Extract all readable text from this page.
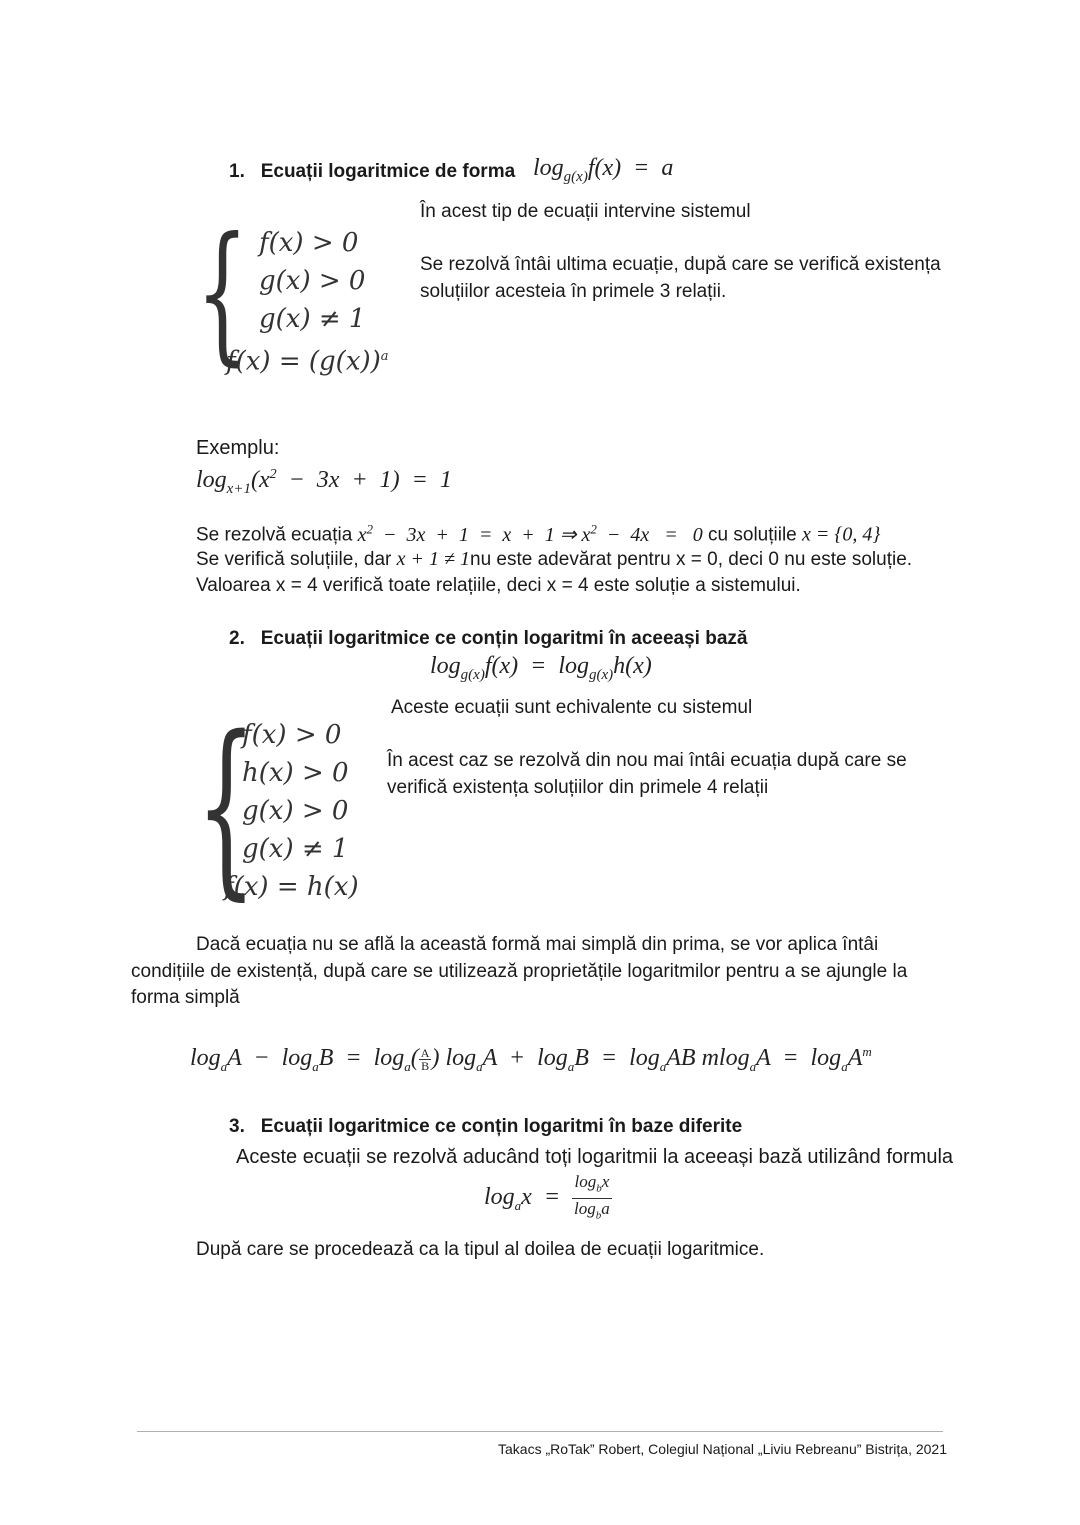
1. Ecuații logaritmice de forma $\log_{g(x)}f(x) = a$
În acest tip de ecuații intervine sistemul
{ f(x) > 0
g(x) > 0
g(x) ≠ 1
$f(x) = (g(x))^a$
Se rezolvă întâi ultima ecuație, după care se verifică existența
soluțiilor acesteia în primele 3 relații.
Exemplu:
$\log_{x+1}(x^2 - 3x + 1) = 1$
Se rezolvă ecuația $x^2 - 3x + 1 = x + 1$ ⇒ $x^2 - 4x = 0$ cu soluțiile x = {0, 4}
Se verifică soluțiile, dar x + 1 ≠ 1nu este adevărat pentru x = 0, deci 0 nu este soluție.
Valoarea x = 4 verifică toate relațiile, deci x = 4 este soluție a sistemului.
2. Ecuații logaritmice ce conțin logaritmi în aceeași bază
$\log_{g(x)}f(x) = \log_{g(x)}h(x)$
Aceste ecuații sunt echivalente cu sistemul
{
f(x) > 0
h(x) > 0
g(x) > 0
g(x) ≠ 1
f(x) = h(x)
În acest caz se rezolvă din nou mai întâi ecuația după care se
verifică existența soluțiilor din primele 4 relații
Dacă ecuația nu se află la această formă mai simplă din prima, se vor aplica întâi
condițiile de existență, după care se utilizează proprietățile logaritmilor pentru a se ajungle la
forma simplă
$\log_aA - \log_aB = \log_a( \frac{A}{B}$ ) $\log_aA + \log_aB = \log_aAB$ $mlog_aA = \log_aA^m$
3. Ecuații logaritmice ce conțin logaritmi în baze diferite
Aceste ecuații se rezolvă aducând toți logaritmii la aceeași bază utilizând formula
$\log_ax = \frac{\log_bx}{\log_ba}$
După care se procedează ca la tipul al doilea de ecuații logaritmice.
Takacs „RoTak” Robert, Colegiul Național „Liviu Rebreanu” Bistrița, 2021
